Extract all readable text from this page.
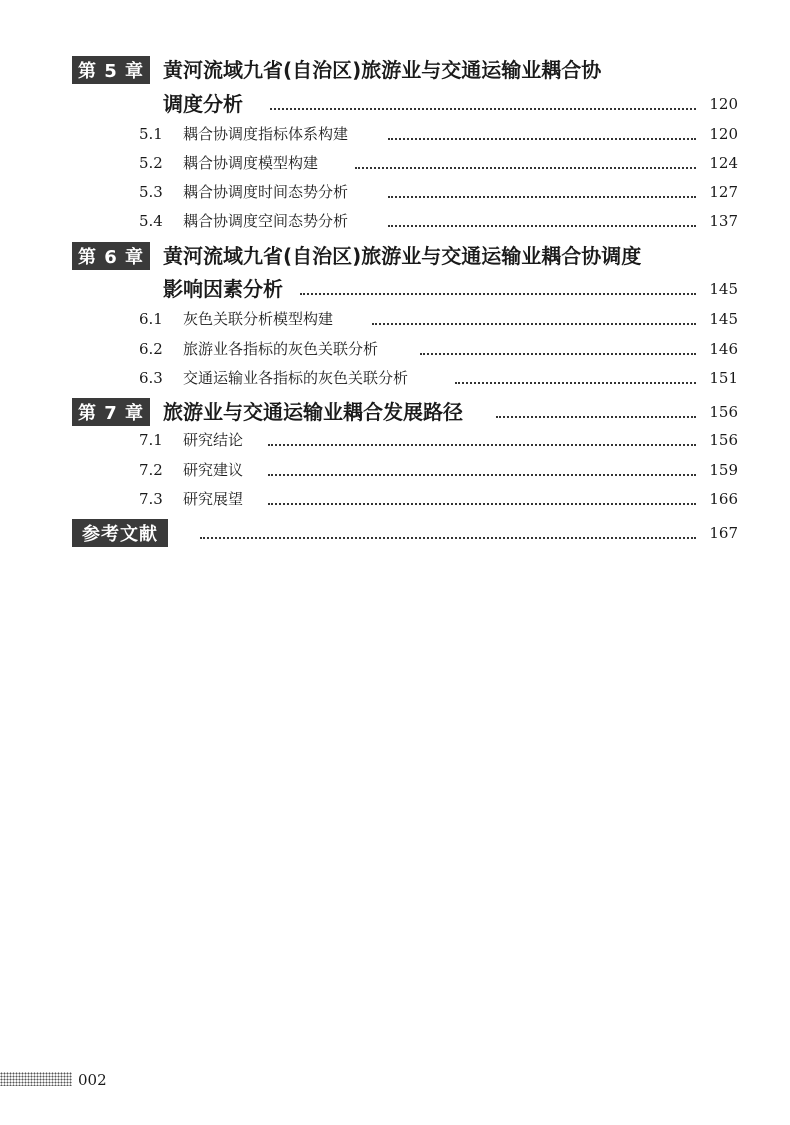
第 5 章 黄河流域九省(自治区)旅游业与交通运输业耦合协
调度分析	120
5.1 耦合协调度指标体系构建	120
5.2 耦合协调度模型构建	124
5.3 耦合协调度时间态势分析	127
5.4 耦合协调度空间态势分析	137
第 6 章 黄河流域九省(自治区)旅游业与交通运输业耦合协调度
影响因素分析	145
6.1 灰色关联分析模型构建	145
6.2 旅游业各指标的灰色关联分析	146
6.3 交通运输业各指标的灰色关联分析	151
第 7 章 旅游业与交通运输业耦合发展路径	156
7.1 研究结论	156
7.2 研究建议	159
7.3 研究展望	166
参考文献	167
002
